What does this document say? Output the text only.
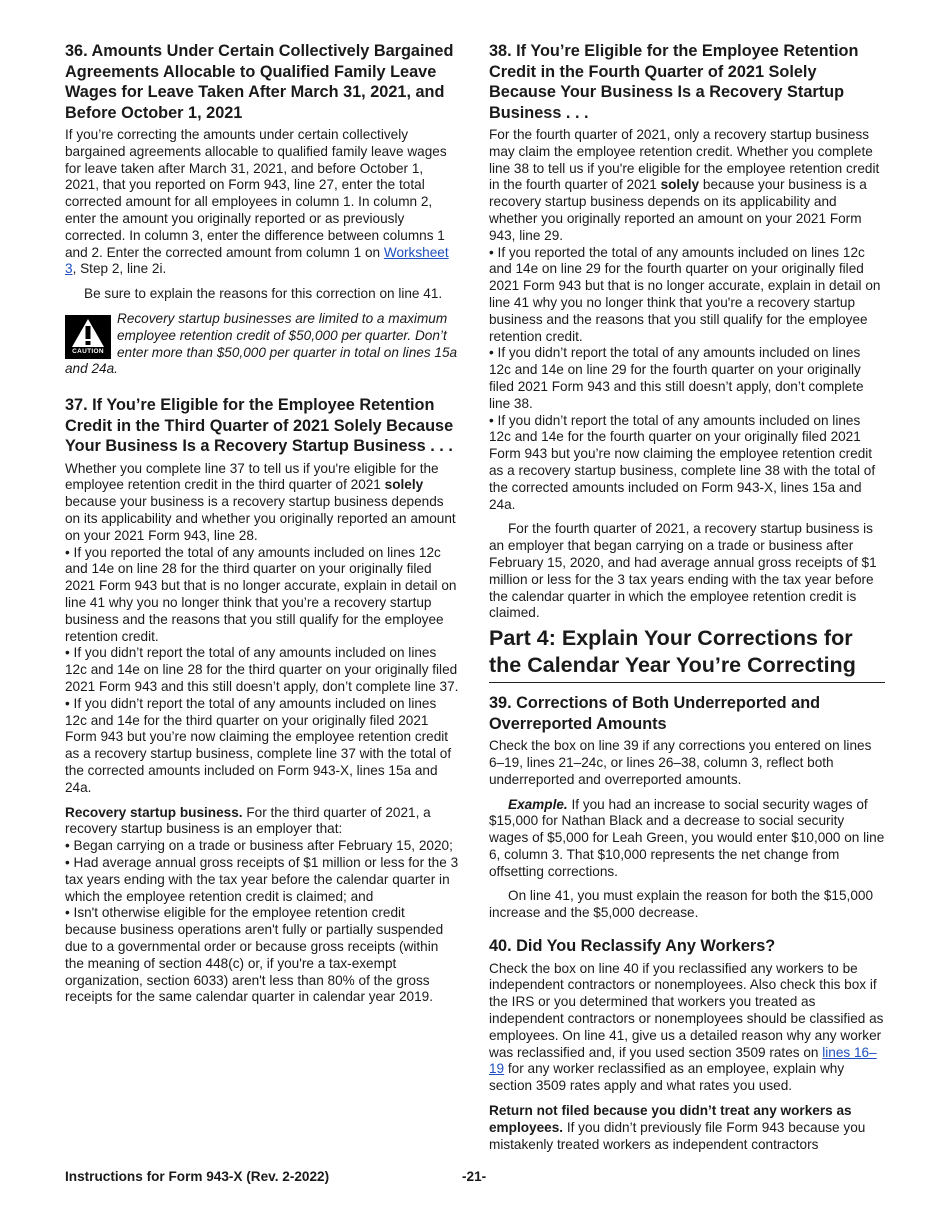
36. Amounts Under Certain Collectively Bargained Agreements Allocable to Qualified Family Leave Wages for Leave Taken After March 31, 2021, and Before October 1, 2021

If you’re correcting the amounts under certain collectively bargained agreements allocable to qualified family leave wages for leave taken after March 31, 2021, and before October 1, 2021, that you reported on Form 943, line 27, enter the total corrected amount for all employees in column 1. In column 2, enter the amount you originally reported or as previously corrected. In column 3, enter the difference between columns 1 and 2. Enter the corrected amount from column 1 on Worksheet 3, Step 2, line 2i.

Be sure to explain the reasons for this correction on line 41.

CAUTION
Recovery startup businesses are limited to a maximum employee retention credit of $50,000 per quarter. Don’t enter more than $50,000 per quarter in total on lines 15a and 24a.
37. If You’re Eligible for the Employee Retention Credit in the Third Quarter of 2021 Solely Because Your Business Is a Recovery Startup Business . . .

Whether you complete line 37 to tell us if you're eligible for the employee retention credit in the third quarter of 2021 solely because your business is a recovery startup business depends on its applicability and whether you originally reported an amount on your 2021 Form 943, line 28.

• If you reported the total of any amounts included on lines 12c and 14e on line 28 for the third quarter on your originally filed 2021 Form 943 but that is no longer accurate, explain in detail on line 41 why you no longer think that you’re a recovery startup business and the reasons that you still qualify for the employee retention credit.

• If you didn’t report the total of any amounts included on lines 12c and 14e on line 28 for the third quarter on your originally filed 2021 Form 943 and this still doesn’t apply, don’t complete line 37.

• If you didn’t report the total of any amounts included on lines 12c and 14e for the third quarter on your originally filed 2021 Form 943 but you’re now claiming the employee retention credit as a recovery startup business, complete line 37 with the total of the corrected amounts included on Form 943-X, lines 15a and 24a.

Recovery startup business. For the third quarter of 2021, a recovery startup business is an employer that:

• Began carrying on a trade or business after February 15, 2020;

• Had average annual gross receipts of $1 million or less for the 3 tax years ending with the tax year before the calendar quarter in which the employee retention credit is claimed; and

• Isn't otherwise eligible for the employee retention credit because business operations aren't fully or partially suspended due to a governmental order or because gross receipts (within the meaning of section 448(c) or, if you're a tax-exempt organization, section 6033) aren't less than 80% of the gross receipts for the same calendar quarter in calendar year 2019.

38. If You’re Eligible for the Employee Retention Credit in the Fourth Quarter of 2021 Solely Because Your Business Is a Recovery Startup Business . . .

For the fourth quarter of 2021, only a recovery startup business may claim the employee retention credit. Whether you complete line 38 to tell us if you're eligible for the employee retention credit in the fourth quarter of 2021 solely because your business is a recovery startup business depends on its applicability and whether you originally reported an amount on your 2021 Form 943, line 29.

• If you reported the total of any amounts included on lines 12c and 14e on line 29 for the fourth quarter on your originally filed 2021 Form 943 but that is no longer accurate, explain in detail on line 41 why you no longer think that you're a recovery startup business and the reasons that you still qualify for the employee retention credit.

• If you didn’t report the total of any amounts included on lines 12c and 14e on line 29 for the fourth quarter on your originally filed 2021 Form 943 and this still doesn’t apply, don’t complete line 38.

• If you didn’t report the total of any amounts included on lines 12c and 14e for the fourth quarter on your originally filed 2021 Form 943 but you’re now claiming the employee retention credit as a recovery startup business, complete line 38 with the total of the corrected amounts included on Form 943-X, lines 15a and 24a.

For the fourth quarter of 2021, a recovery startup business is an employer that began carrying on a trade or business after February 15, 2020, and had average annual gross receipts of $1 million or less for the 3 tax years ending with the tax year before the calendar quarter in which the employee retention credit is claimed.

Part 4: Explain Your Corrections for the Calendar Year You’re Correcting
39. Corrections of Both Underreported and Overreported Amounts

Check the box on line 39 if any corrections you entered on lines 6–19, lines 21–24c, or lines 26–38, column 3, reflect both underreported and overreported amounts.

Example. If you had an increase to social security wages of $15,000 for Nathan Black and a decrease to social security wages of $5,000 for Leah Green, you would enter $10,000 on line 6, column 3. That $10,000 represents the net change from offsetting corrections.

On line 41, you must explain the reason for both the $15,000 increase and the $5,000 decrease.

40. Did You Reclassify Any Workers?

Check the box on line 40 if you reclassified any workers to be independent contractors or nonemployees. Also check this box if the IRS or you determined that workers you treated as independent contractors or nonemployees should be classified as employees. On line 41, give us a detailed reason why any worker was reclassified and, if you used section 3509 rates on lines 16–19 for any worker reclassified as an employee, explain why section 3509 rates apply and what rates you used.

Return not filed because you didn’t treat any workers as employees. If you didn’t previously file Form 943 because you mistakenly treated workers as independent contractors

Instructions for Form 943-X (Rev. 2-2022)	-21-
